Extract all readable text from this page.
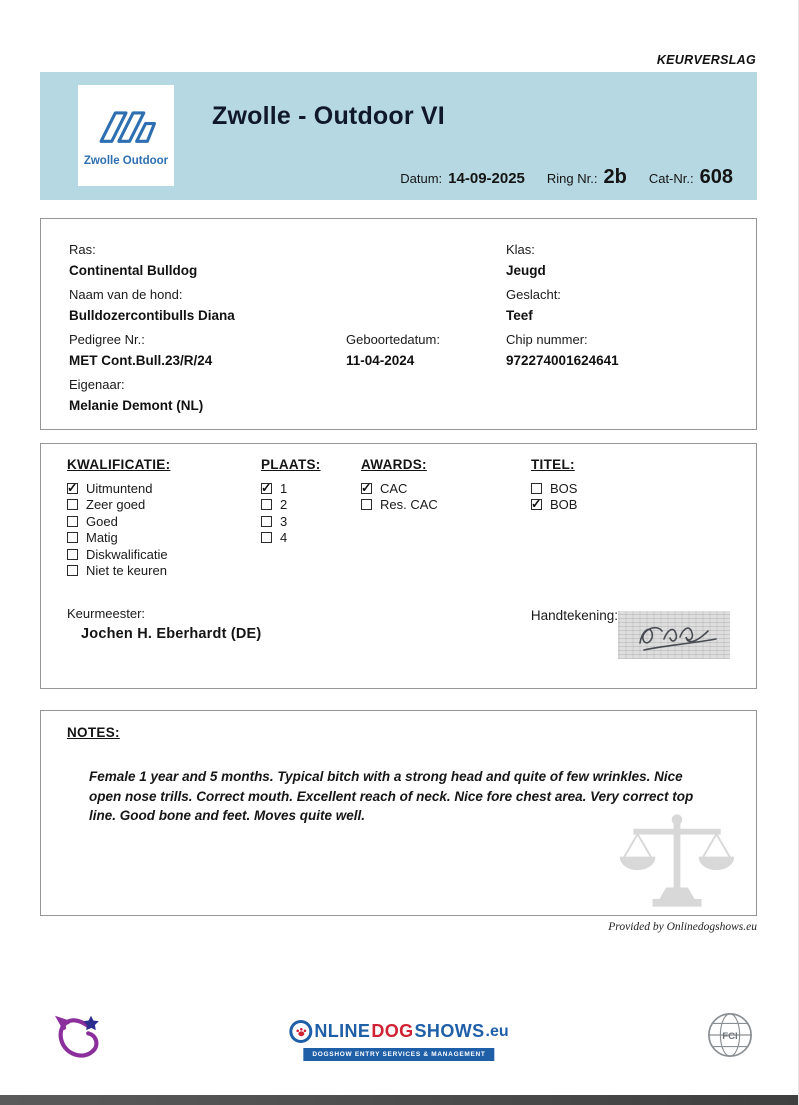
KEURVERSLAG
Zwolle Outdoor
Zwolle - Outdoor VI
Datum: 14-09-2025 Ring Nr.: 2b Cat-Nr.: 608
Ras:
Continental Bulldog
Klas:
Jeugd
Naam van de hond:
Bulldozercontibulls Diana
Geslacht:
Teef
Pedigree Nr.:
MET Cont.Bull.23/R/24
Geboortedatum:
11-04-2024
Chip nummer:
972274001624641
Eigenaar:
Melanie Demont (NL)
KWALIFICATIE:
✓
Uitmuntend
Zeer goed
Goed
Matig
Diskwalificatie
Niet te keuren
PLAATS:
✓
1
2
3
4
AWARDS:
✓
CAC
Res. CAC
TITEL:
BOS
✓
BOB
Keurmeester:
Jochen H. Eberhardt (DE)
Handtekening:
NOTES:

Female 1 year and 5 months. Typical bitch with a strong head and quite of few wrinkles. Nice open nose trills. Correct mouth. Excellent reach of neck. Nice fore chest area. Very correct top line. Good bone and feet. Moves quite well.

Provided by Onlinedogshows.eu
NLINE DOG SHOWS .eu
DOGSHOW ENTRY SERVICES & MANAGEMENT
FCI
